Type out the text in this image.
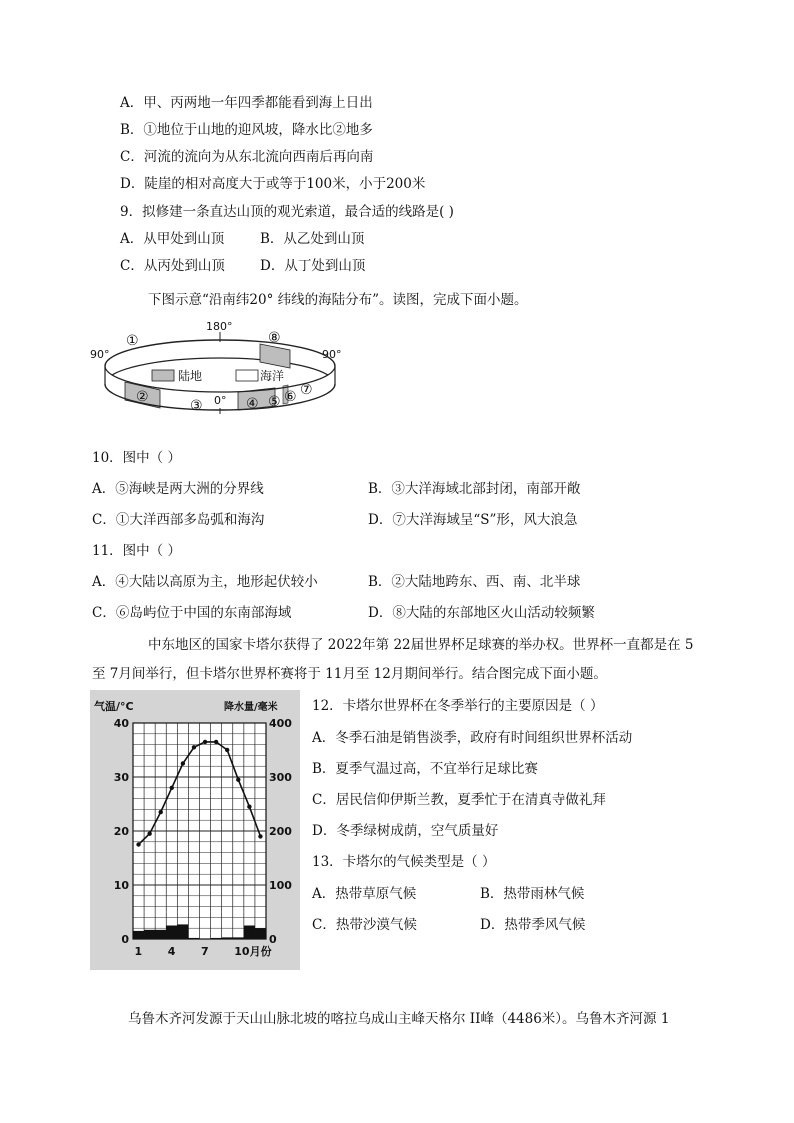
A．甲、丙两地一年四季都能看到海上日出
B．①地位于山地的迎风坡，降水比②地多
C．河流的流向为从东北流向西南后再向南
D．陡崖的相对高度大于或等于100米，小于200米
9．拟修建一条直达山顶的观光索道，最合适的线路是( )
A．从甲处到山顶	B．从乙处到山顶
C．从丙处到山顶	D．从丁处到山顶
下图示意“沿南纬20° 纬线的海陆分布”。读图，完成下面小题。
180°
90°	90°
0°
陆地	海洋
①	⑧
②
③	④ ⑤ ⑥ ⑦
10．图中（ ）
A．⑤海峡是两大洲的分界线	B．③大洋海域北部封闭，南部开敞
C．①大洋西部多岛弧和海沟	D．⑦大洋海域呈“S”形，风大浪急
11．图中（ ）
A．④大陆以高原为主，地形起伏较小	B．②大陆地跨东、西、南、北半球
C．⑥岛屿位于中国的东南部海域	D．⑧大陆的东部地区火山活动较频繁
中东地区的国家卡塔尔获得了 2022年第 22届世界杯足球赛的举办权。世界杯一直都是在 5
至 7月间举行，但卡塔尔世界杯赛将于 11月至 12月期间举行。结合图完成下面小题。
0
10
20
30
40
0
100
200
300
400
1 4 7 10月份
气温/°C	降水量/毫米	12．卡塔尔世界杯在冬季举行的主要原因是（ ）
A．冬季石油是销售淡季，政府有时间组织世界杯活动
B．夏季气温过高，不宜举行足球比赛
C．居民信仰伊斯兰教，夏季忙于在清真寺做礼拜
D．冬季绿树成荫，空气质量好
13．卡塔尔的气候类型是（ ）
A．热带草原气候	B．热带雨林气候
C．热带沙漠气候	D．热带季风气候
乌鲁木齐河发源于天山山脉北坡的喀拉乌成山主峰天格尔 II峰（4486米）。乌鲁木齐河源 1
